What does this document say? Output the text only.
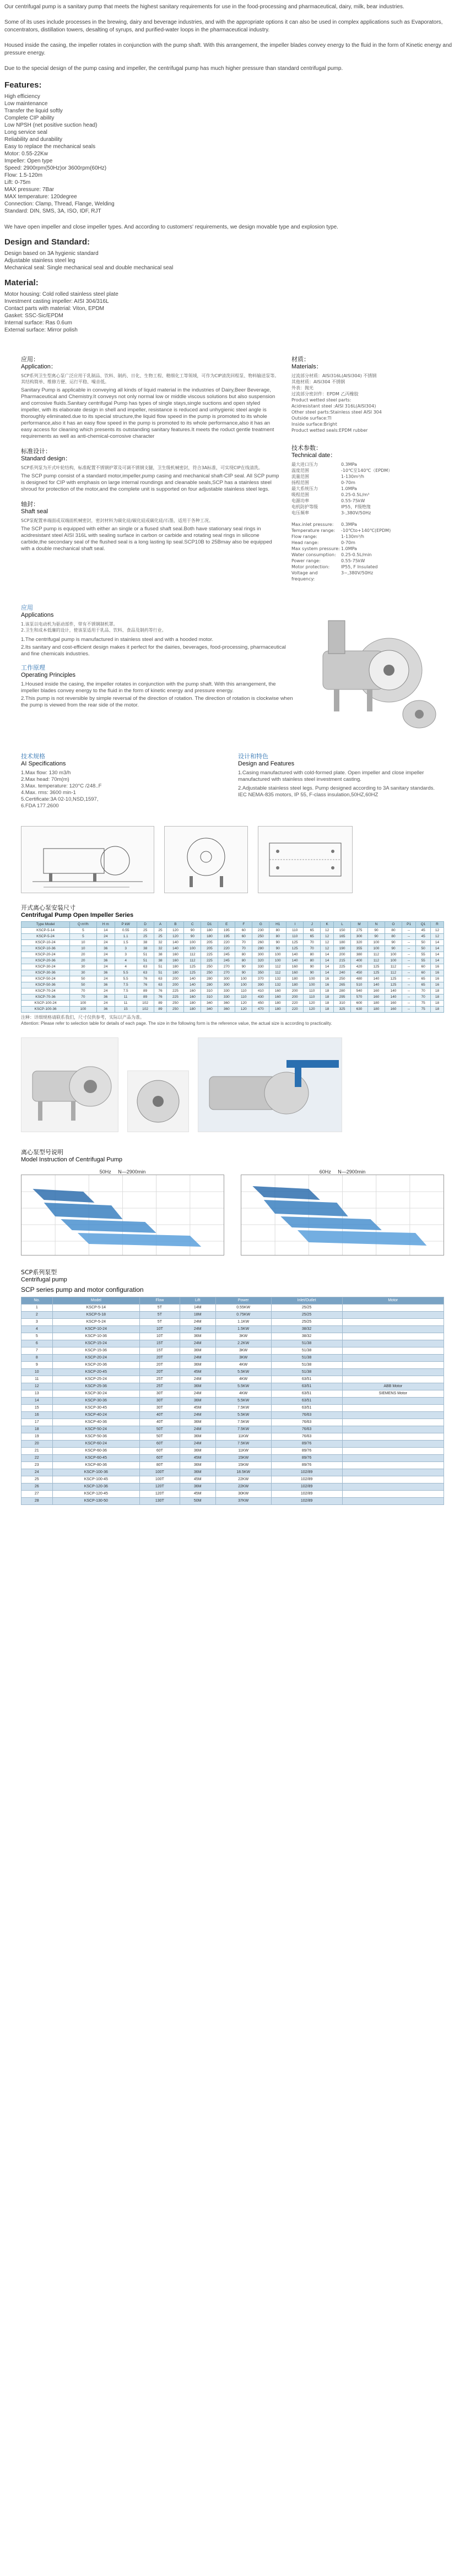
Our centrifugal pump is a sanitary pump that meets the highest sanitary requirements for use in the food-processing and pharmaceutical, dairy, milk, bear industries.

Some of its uses include processes in the brewing, dairy and beverage industries, and with the appropriate options it can also be used in complex applications such as Evaporators, concentrators, distillation towers, desalting of syrups, and purified-water loops in the pharmaceutical industry.

Housed inside the casing, the impeller rotates in conjunction with the pump shaft. With this arrangement, the impeller blades convey energy to the fluid in the form of Kinetic energy and pressure energy.

Due to the special design of the pump casing and impeller, the centrifugal pump has much higher pressure than standard centrifugal pump.

Features:
High efficiency
Low maintenance
Transfer the liquid softly
Complete CIP ability
Low NPSH (net positive suction head)
Long service seal
Reliability and durability
Easy to replace the mechanical seals
Motor: 0.55-22Kw
Impeller: Open type
Speed: 2900rpm(50Hz)or 3600rpm(60Hz)
Flow: 1.5-120m
Lift: 0-75m
MAX pressure: 7Bar
MAX temperature: 120degree
Connection: Clamp, Thread, Flange, Welding
Standard: DIN, SMS, 3A, ISO, IDF, RJT

We have open impeller and close impeller types. And according to customers' requirements, we design movable type and explosion type.

Design and Standard:
Design based on 3A hygienic standard
Adjustable stainless steel leg
Mechanical seal: Single mechanical seal and double mechanical seal
Material:
Motor housing: Cold rolled stainless steel plate
Investment casting impeller: AISI 304/316L
Contact parts with material: Viton, EPDM
Gasket: SSC-Sic/EPDM
Internal surface: Ras 0.6um
External surface: Mirror polish
应用：
Application：
SCP系列卫生型离心泵广泛应用于乳制品、饮料、制药、日化、生物工程、精细化工等领域，可作为CIP清洗回程泵、物料输送泵等。其结构简单、维修方便、运行平稳、噪音低。
Sanitary Pump is applicable in conveying all kinds of liquid material in the industries of Dairy,Beer Beverage, Pharmaceutical and Chemistry.It conveys not only normal low or middle viscous solutions but also suspension and corrosive fluids.Sanitary centrifugal Pump has types of single stays,single suctions and open styled impeller, with its elaborate design in shell and impeller, resistance is reduced and unhygienic steel angle is thoroughly eliminated.due to its special structure,the liquid flow speed in the pump is promoted to its whole performance,also it has an easy flow speed in the pump is promoted to its whole performance,also it has an easy access for cleaning which presents its outstanding sanitary features.It meets the roduct gentle treatment requirements as well as anti-chemical-corrosive character
标准设计：
Standard design：
SCP系列泵为开式叶轮结构，标准配置不锈钢护罩及可调不锈钢支腿，卫生级机械密封，符合3A标准，可实现CIP在线清洗。
The SCP pump consist of a standard motor,impeller,pump casing and mechanical shaft-CIP seal. All SCP pump is designed for CIP with emphasis on large internal roundings and cleanable seals,SCP has a stainless steel shroud for protection of the motor,and the complete unit is supported on four adjustable stainless steel legs.
轴封：
Shaft seal
SCP泵配置单端面或双端面机械密封，密封材料为碳化硅/碳化硅或碳化硅/石墨，适用于各种工况。
The SCP pump is equipped with either an single or a flused shaft seal.Both have stationary seal rings in acidresistant steel AISI 316L with sealing surface in carbon or carbide and rotating seal rings in silicone carbide,the secondary seal of the flushed seal is a long lasting lip seal.SCP10B to 25Bmay also be equipped with a double mechanical shaft seal.
材质：
Materials：
过流部分材质：AISI316L(AISI304) 不锈钢
其他材质：AISI304 不锈钢
外表：抛光
过流部分密封件：EPDM 乙丙橡胶
Product wetted steel parts:
Acidresistant steel :AISI 316L(AISI304)
Other steel parts:Stainless steel AISI 304
Outside surface:Tl
Inside surface:Bright
Product wetted seals:EPDM rubber
技术参数：
Technical date：
最大进口压力	0.3MPa
温度范围	-10℃至140℃（EPDM）
流量范围	1-130m³/h
扬程范围	0-70m
最大系统压力	1.0MPa
吸程范围	0.25-0.5L/m³
电源功率	0.55-75kW
电机防护等级	IP55，F级绝缘
电压频率	3-,380V/50Hz
Max.inlet pressure:	0.3MPa
Temperature range:	-10℃to+140℃(EPDM)
Flow range:	1-130m³/h
Head range:	0-70m
Max system pressure: 1.0MPa
Water consumption:	0.25-0.5L/min
Power range:	0.55-75kW
Motor protection:	IP55, F Insulated
Voltage and frequency:
3~,380V/50Hz
应用
Applications
1.该泵以电动机为驱动部件，带有不锈钢制机罩。
2.卫生和成本低廉的设计，使该泵适用于乳品、饮料、食品及制药等行业。
1.The centrifugal pump is manufactured in stainless steel and with a hooded motor.
2.Its sanitary and cost-efficient design makes it perfect for the dairies, beverages, food-processing, pharmaceutical and fine chemicals industries.
工作原理
Operating Principles
1.Housed inside the casing, the impeller rotates in conjunction with the pump shaft. With this arrangement, the impeller blades convey energy to the fluid in the form of kinetic energy and pressure energy.
2.This pump is not reversible by simple reversal of the direction of rotation. The direction of rotation is clockwise when the pump is viewed from the rear side of the motor.
技术规格
AI Specifications
1.Max flow: 130 m3/h
2.Max head: 70m(m)
3.Max. temperature: 120°C /248..F
4.Max. rms: 3600 min-1
5.Certificate:3A 02-10,NSD,1597,
6.FDA 177.2600
设计和特色
Design and Features
1.Casing manufactured with cold-formed plate. Open impeller and close impeller manufactured with stainless steel investment casting.
2.Adjustable stainless steel legs. Pump designed according to 3A sanitary standards. IEC NEMA-835 motors, IP 55, F-class insulation,50HZ,60HZ
开式离心泵安装尺寸
Centrifugal Pump Open Impeller Series
Type Model	Q m³/h	H m	P kW	D	A	B	C	D1	E	F	G	H1	I	J	K	L	M	N	O	P1	Q1	R
KSCP-5-14	5	14	0.55	25	25	120	90	180	195	60	230	80	110	65	12	150	275	90	80	--	45	12
KSCP-5-24	5	24	1.1	25	25	120	90	180	195	60	250	80	110	65	12	165	300	90	80	--	45	12
KSCP-10-24	10	24	1.5	38	32	140	100	205	220	70	260	90	125	70	12	180	320	100	90	--	50	14
KSCP-10-36	10	36	3	38	32	140	100	205	220	70	280	90	125	70	12	190	355	100	90	--	50	14
KSCP-20-24	20	24	3	51	38	160	112	225	245	80	300	100	140	80	14	200	380	112	100	--	55	14
KSCP-20-36	20	36	4	51	38	160	112	225	245	80	320	100	140	80	14	215	400	112	100	--	55	14
KSCP-30-24	30	24	4	63	51	180	125	250	270	90	330	112	160	90	14	225	420	125	112	--	60	16
KSCP-30-36	30	36	5.5	63	51	180	125	250	270	90	350	112	160	90	14	240	450	125	112	--	60	16
KSCP-50-24	50	24	5.5	76	63	200	140	280	300	100	370	132	180	100	16	250	480	140	125	--	65	16
KSCP-50-36	50	36	7.5	76	63	200	140	280	300	100	390	132	180	100	16	265	510	140	125	--	65	16
KSCP-70-24	70	24	7.5	89	76	225	160	310	330	110	410	160	200	110	18	280	540	160	140	--	70	18
KSCP-70-36	70	36	11	89	76	225	160	310	330	110	430	160	200	110	18	295	570	160	140	--	70	18
KSCP-100-24	100	24	11	102	89	250	180	340	360	120	450	180	220	120	18	310	600	180	160	--	75	18
KSCP-100-36	100	36	15	102	89	250	180	340	360	120	470	180	220	120	18	325	630	180	160	--	75	18
注释：详细规格请联系我们，尺寸仅供参考，实际以产品为准。
Attention: Please refer to selection table for details of each page. The size in the following form is the reference value, the actual size is according to practicality.
离心泵型号说明
Model Instruction of Centrifugal Pump
50Hz N—2900min	60Hz N—2900min
SCP系列泵型
Centrifugal pump
SCP series pump and motor configuration
No.	Model	Flow	Lift	Power	Inlet/Outlet	Motor
1	KSCP-5-14	5T	14M	0.55KW	25/25	
2	KSCP-5-18	5T	18M	0.75KW	25/25	
3	KSCP-5-24	5T	24M	1.1KW	25/25	
4	KSCP-10-24	10T	24M	1.5KW	38/32	
5	KSCP-10-36	10T	36M	3KW	38/32	
6	KSCP-15-24	15T	24M	2.2KW	51/38	
7	KSCP-15-36	15T	36M	3KW	51/38	
8	KSCP-20-24	20T	24M	3KW	51/38	
9	KSCP-20-36	20T	36M	4KW	51/38	
10	KSCP-20-45	20T	45M	5.5KW	51/38	
11	KSCP-25-24	25T	24M	4KW	63/51	
12	KSCP-25-36	25T	36M	5.5KW	63/51	ABB Motor
13	KSCP-30-24	30T	24M	4KW	63/51	SIEMENS Motor
14	KSCP-30-36	30T	36M	5.5KW	63/51	
15	KSCP-30-45	30T	45M	7.5KW	63/51	
16	KSCP-40-24	40T	24M	5.5KW	76/63	
17	KSCP-40-36	40T	36M	7.5KW	76/63	
18	KSCP-50-24	50T	24M	7.5KW	76/63	
19	KSCP-50-36	50T	36M	11KW	76/63	
20	KSCP-60-24	60T	24M	7.5KW	89/76	
21	KSCP-60-36	60T	36M	11KW	89/76	
22	KSCP-60-45	60T	45M	15KW	89/76	
23	KSCP-80-36	80T	36M	15KW	89/76	
24	KSCP-100-36	100T	36M	18.5KW	102/89	
25	KSCP-100-45	100T	45M	22KW	102/89	
26	KSCP-120-36	120T	36M	22KW	102/89	
27	KSCP-120-45	120T	45M	30KW	102/89	
28	KSCP-130-50	130T	50M	37KW	102/89	
